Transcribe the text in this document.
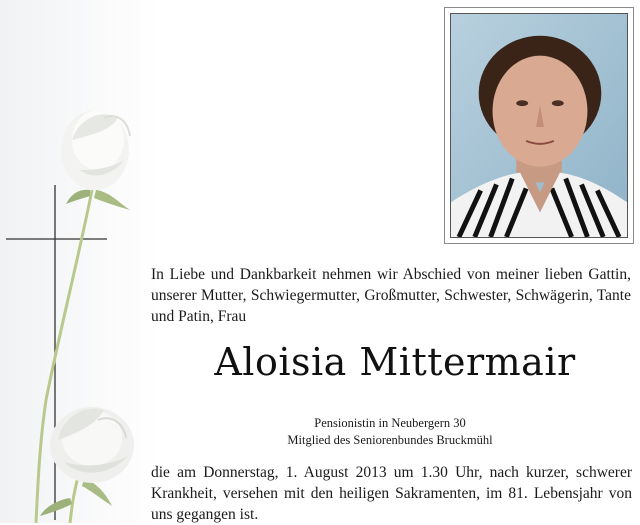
In Liebe und Dankbarkeit nehmen wir Abschied von meiner lieben Gattin,
unserer Mutter, Schwiegermutter, Großmutter, Schwester, Schwägerin, Tante
und Patin, Frau
Aloisia Mittermair
Pensionistin in Neubergern 30
Mitglied des Seniorenbundes Bruckmühl
die am Donnerstag, 1. August 2013 um 1.30 Uhr, nach kurzer, schwerer
Krankheit, versehen mit den heiligen Sakramenten, im 81. Lebensjahr von
uns gegangen ist.
